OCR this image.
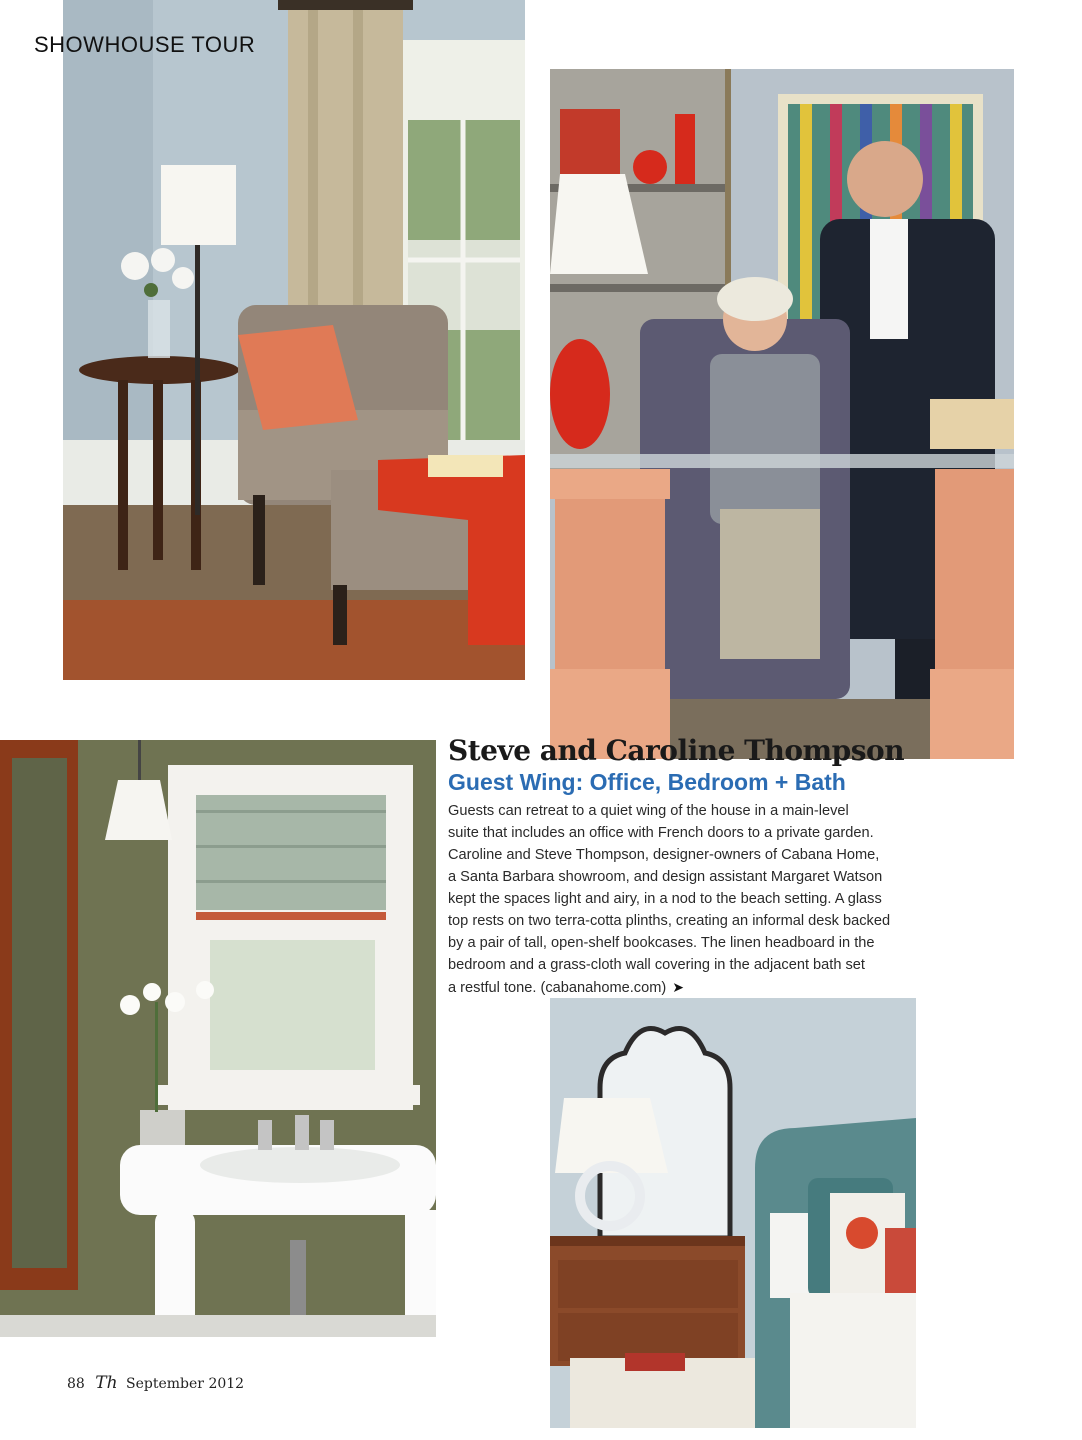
SHOWHOUSE TOUR
Steve and Caroline Thompson
Guest Wing: Office, Bedroom + Bath

Guests can retreat to a quiet wing of the house in a main-level
suite that includes an office with French doors to a private garden.
Caroline and Steve Thompson, designer-owners of Cabana Home,
a Santa Barbara showroom, and design assistant Margaret Watson
kept the spaces light and airy, in a nod to the beach setting. A glass
top rests on two terra-cotta plinths, creating an informal desk backed
by a pair of tall, open-shelf bookcases. The linen headboard in the
bedroom and a grass-cloth wall covering in the adjacent bath set
a restful tone. (cabanahome.com) ➤

88 Th September 2012
